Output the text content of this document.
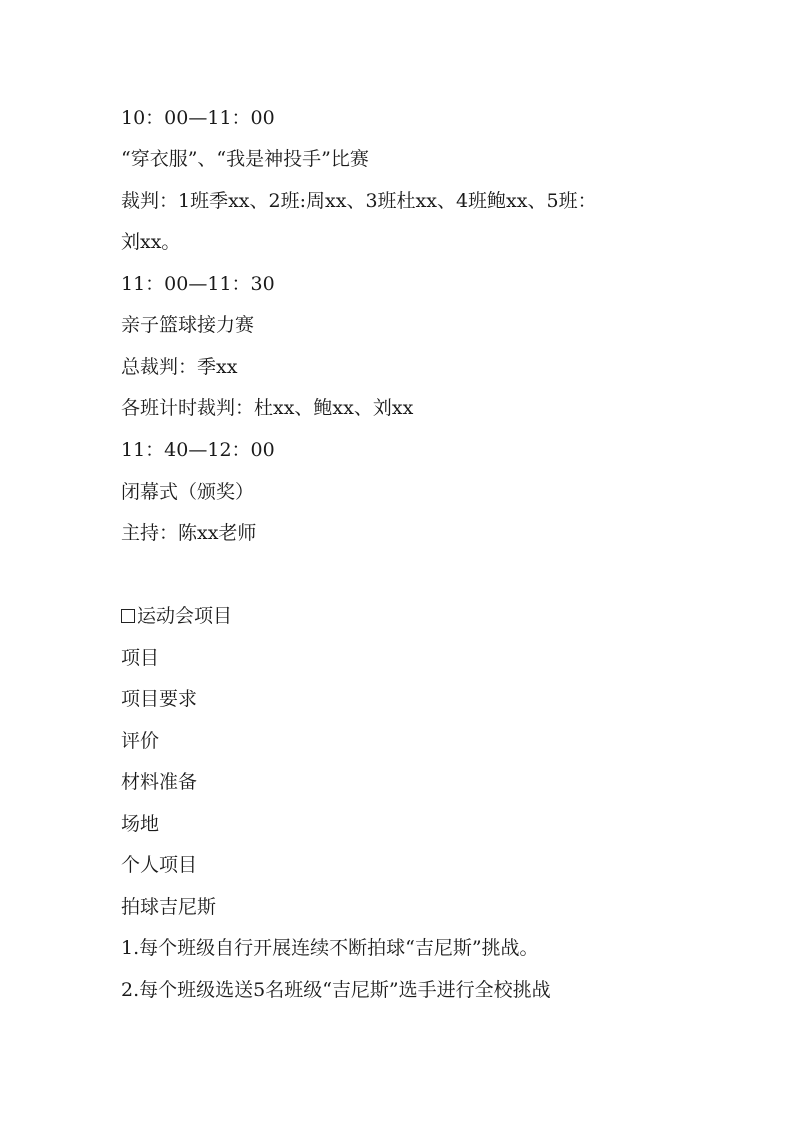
10：00—11：00
“穿衣服”、“我是神投手”比赛
裁判：1班季xx、2班:周xx、3班杜xx、4班鲍xx、5班：
刘xx。
11：00—11：30
亲子篮球接力赛
总裁判：季xx
各班计时裁判：杜xx、鲍xx、刘xx
11：40—12：00
闭幕式（颁奖）
主持：陈xx老师
运动会项目
项目
项目要求
评价
材料准备
场地
个人项目
拍球吉尼斯
1.每个班级自行开展连续不断拍球“吉尼斯”挑战。
2.每个班级选送5名班级“吉尼斯”选手进行全校挑战
